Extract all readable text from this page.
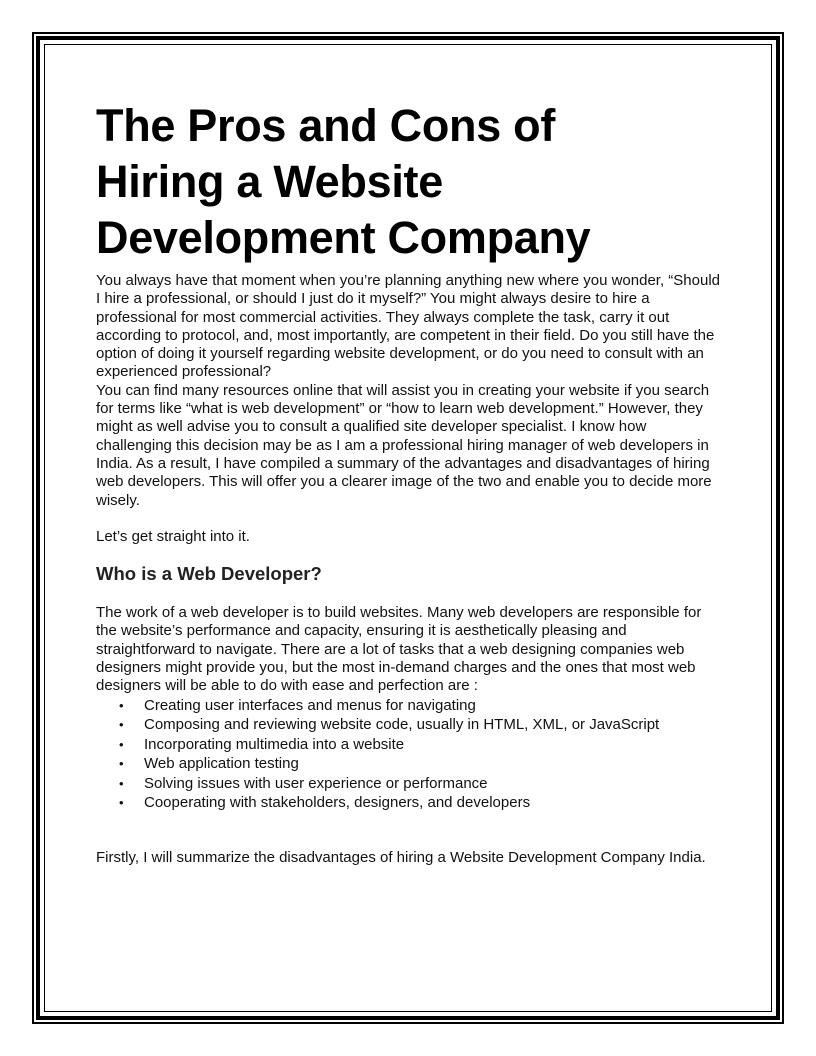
The Pros and Cons of
Hiring a Website
Development Company

You always have that moment when you’re planning anything new where you wonder, “Should I hire a professional, or should I just do it myself?” You might always desire to hire a professional for most commercial activities. They always complete the task, carry it out according to protocol, and, most importantly, are competent in their field. Do you still have the option of doing it yourself regarding website development, or do you need to consult with an experienced professional?

You can find many resources online that will assist you in creating your website if you search for terms like “what is web development” or “how to learn web development.” However, they might as well advise you to consult a qualified site developer specialist. I know how challenging this decision may be as I am a professional hiring manager of web developers in India. As a result, I have compiled a summary of the advantages and disadvantages of hiring web developers. This will offer you a clearer image of the two and enable you to decide more wisely.

Let’s get straight into it.

Who is a Web Developer?

The work of a web developer is to build websites. Many web developers are responsible for the website’s performance and capacity, ensuring it is aesthetically pleasing and straightforward to navigate. There are a lot of tasks that a web designing companies web designers might provide you, but the most in-demand charges and the ones that most web designers will be able to do with ease and perfection are :

• Creating user interfaces and menus for navigating
• Composing and reviewing website code, usually in HTML, XML, or JavaScript
• Incorporating multimedia into a website
• Web application testing
• Solving issues with user experience or performance
• Cooperating with stakeholders, designers, and developers

Firstly, I will summarize the disadvantages of hiring a Website Development Company India.
